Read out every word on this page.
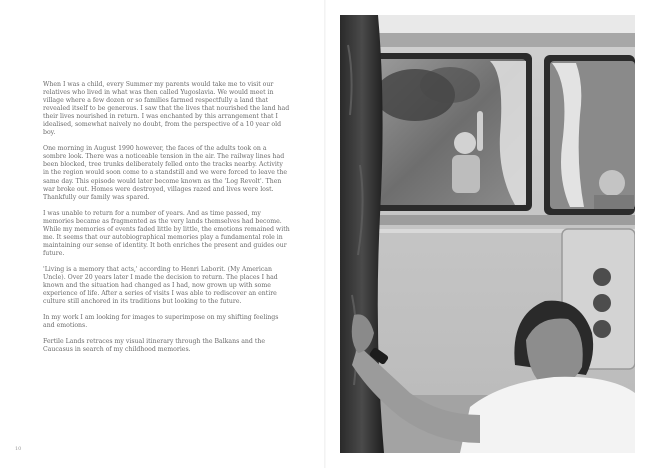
When I was a child, every Summer my parents would take me to visit our relatives who lived in what was then called Yugoslavia. We would meet in village where a few dozen or so families farmed respectfully a land that revealed itself to be generous. I saw that the lives that nourished the land had their lives nourished in return. I was enchanted by this arrangement that I idealised, somewhat naively no doubt, from the perspective of a 10 year old boy.

One morning in August 1990 however, the faces of the adults took on a sombre look. There was a noticeable tension in the air. The railway lines had been blocked, tree trunks deliberately felled onto the tracks nearby. Activity in the region would soon come to a standstill and we were forced to leave the same day. This episode would later become known as the 'Log Revolt'. Then war broke out. Homes were destroyed, villages razed and lives were lost. Thankfully our family was spared.

I was unable to return for a number of years. And as time passed, my memories became as fragmented as the very lands themselves had become. While my memories of events faded little by little, the emotions remained with me. It seems that our autobiographical memories play a fundamental role in maintaining our sense of identity. It both enriches the present and guides our future.

'Living is a memory that acts,' according to Henri Laborit. (My American Uncle). Over 20 years later I made the decision to return. The places I had known and the situation had changed as I had, now grown up with some experience of life. After a series of visits I was able to rediscover an entire culture still anchored in its traditions but looking to the future.

In my work I am looking for images to superimpose on my shifting feelings and emotions.

Fertile Lands retraces my visual itinerary through the Balkans and the Caucasus in search of my childhood memories.

10
